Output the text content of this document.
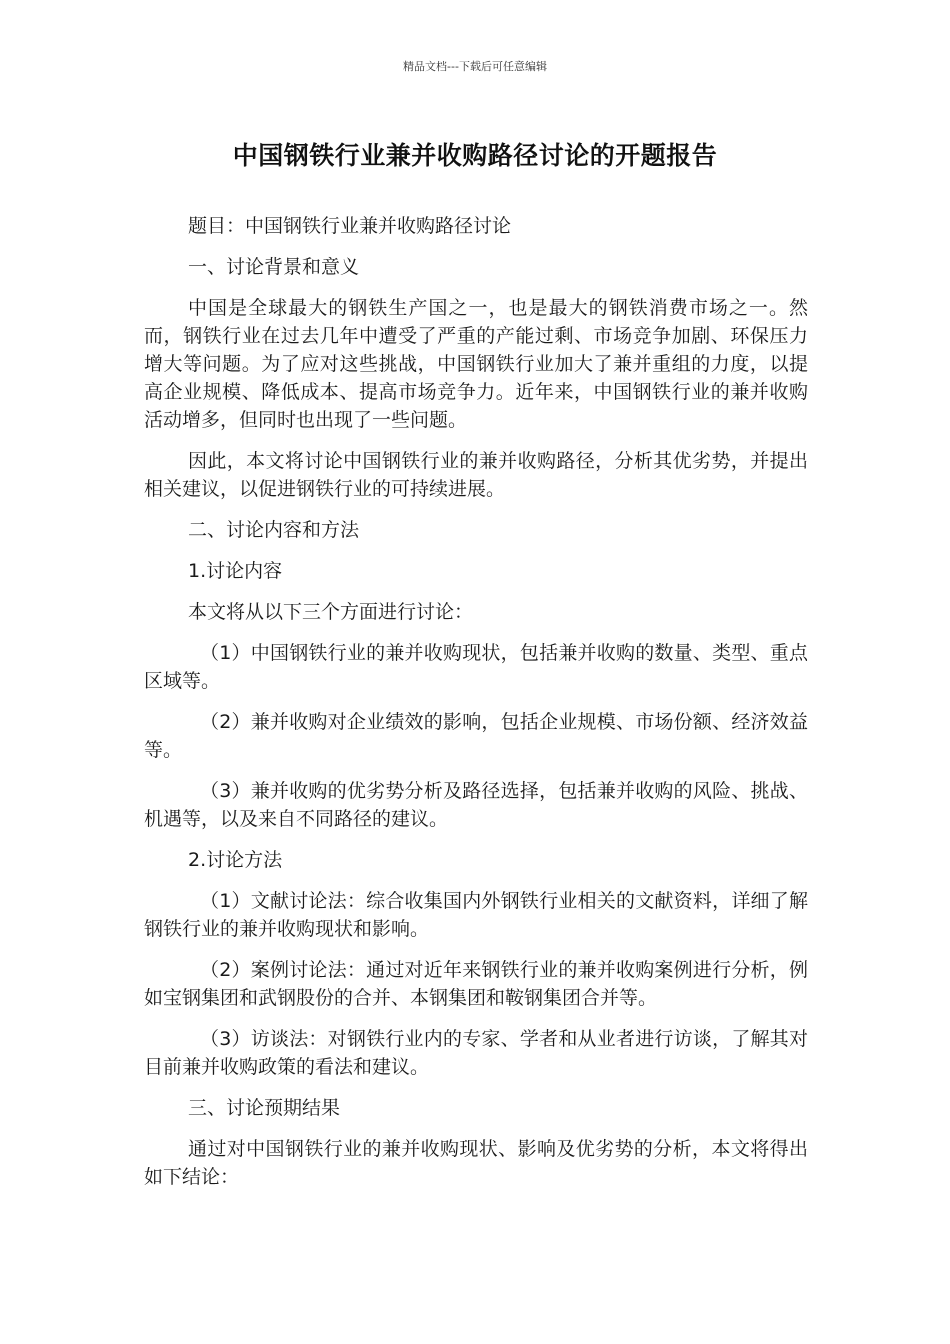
精品文档---下载后可任意编辑
中国钢铁行业兼并收购路径讨论的开题报告

题目：中国钢铁行业兼并收购路径讨论

一、讨论背景和意义

中国是全球最大的钢铁生产国之一，也是最大的钢铁消费市场之一。然而，钢铁行业在过去几年中遭受了严重的产能过剩、市场竞争加剧、环保压力增大等问题。为了应对这些挑战，中国钢铁行业加大了兼并重组的力度，以提高企业规模、降低成本、提高市场竞争力。近年来，中国钢铁行业的兼并收购活动增多，但同时也出现了一些问题。

因此，本文将讨论中国钢铁行业的兼并收购路径，分析其优劣势，并提出相关建议，以促进钢铁行业的可持续进展。

二、讨论内容和方法

1.讨论内容

本文将从以下三个方面进行讨论：

（1）中国钢铁行业的兼并收购现状，包括兼并收购的数量、类型、重点区域等。

（2）兼并收购对企业绩效的影响，包括企业规模、市场份额、经济效益等。

（3）兼并收购的优劣势分析及路径选择，包括兼并收购的风险、挑战、机遇等，以及来自不同路径的建议。

2.讨论方法

（1）文献讨论法：综合收集国内外钢铁行业相关的文献资料，详细了解钢铁行业的兼并收购现状和影响。

（2）案例讨论法：通过对近年来钢铁行业的兼并收购案例进行分析，例如宝钢集团和武钢股份的合并、本钢集团和鞍钢集团合并等。

（3）访谈法：对钢铁行业内的专家、学者和从业者进行访谈，了解其对目前兼并收购政策的看法和建议。

三、讨论预期结果

通过对中国钢铁行业的兼并收购现状、影响及优劣势的分析，本文将得出如下结论：
